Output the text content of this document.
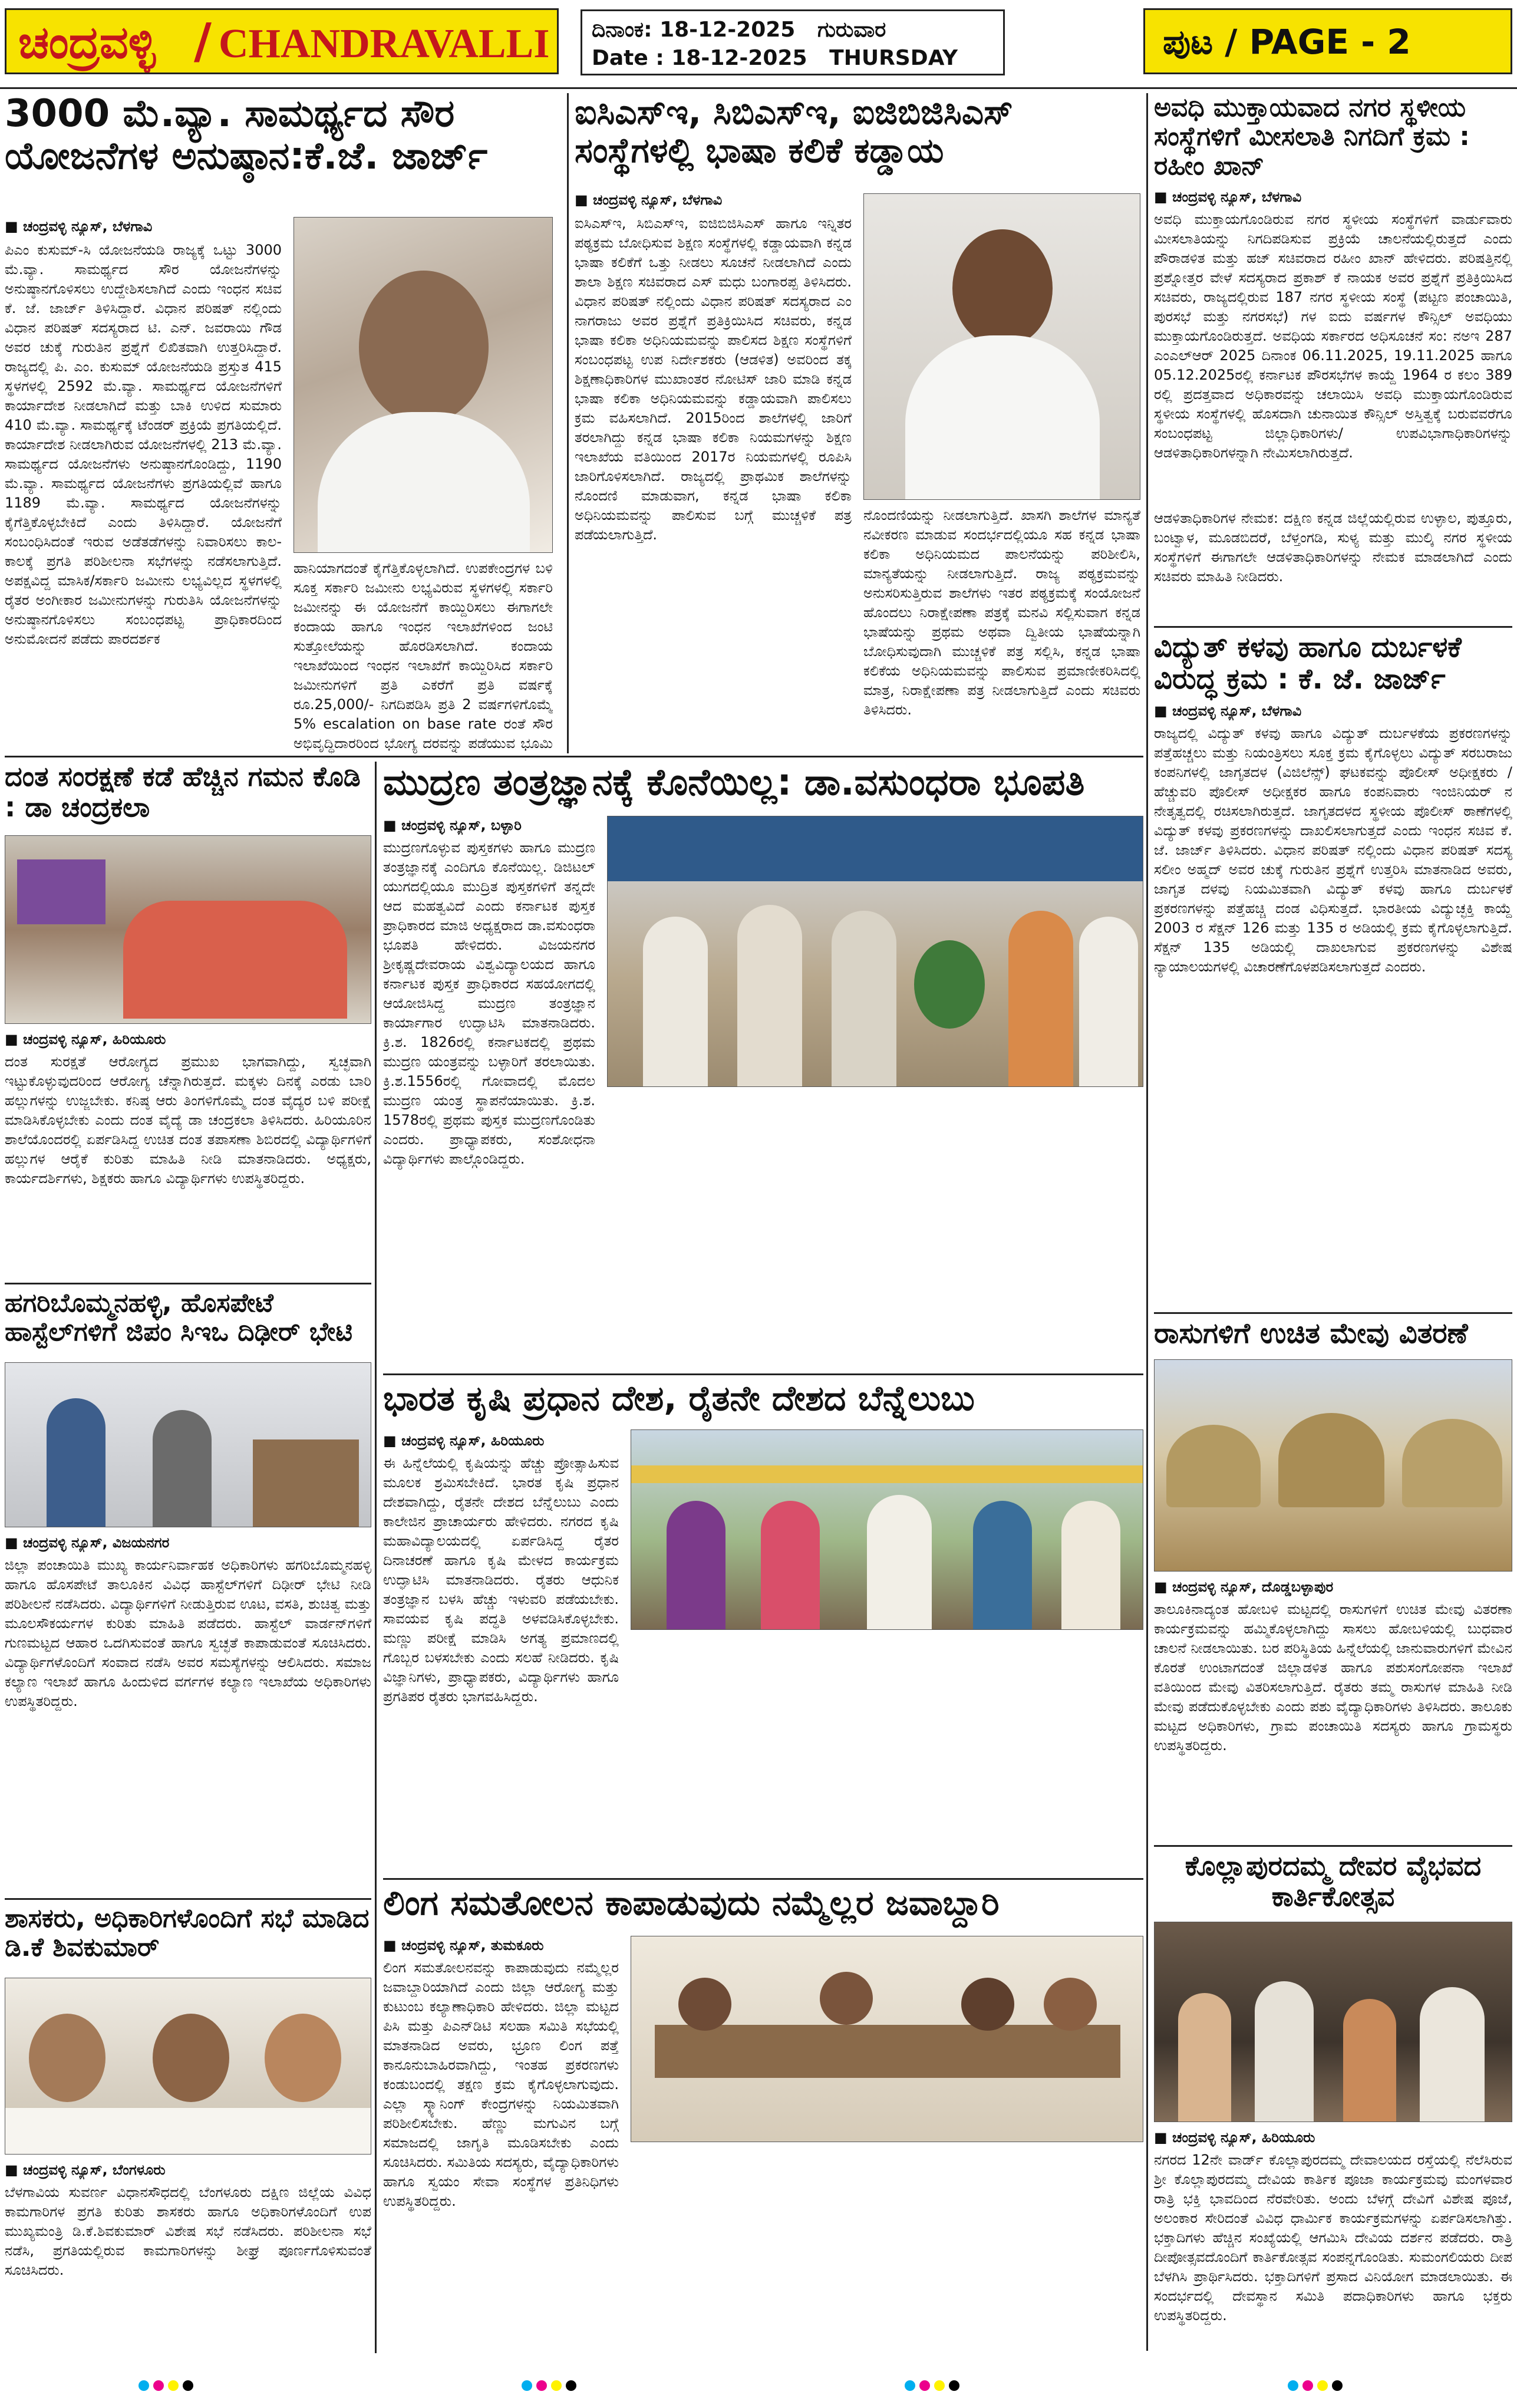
ಚಂದ್ರವಳ್ಳಿ / CHANDRAVALLI ದಿನಾಂಕ: 18-12-2025 ಗುರುವಾರ
Date : 18-12-2025 THURSDAY	ಪುಟ / PAGE - 2
3000 ಮೆ.ವ್ಯಾ. ಸಾಮರ್ಥ್ಯದ ಸೌರ ಯೋಜನೆಗಳ ಅನುಷ್ಠಾನ:ಕೆ.ಜೆ. ಜಾರ್ಜ್
■ ಚಂದ್ರವಳ್ಳಿ ನ್ಯೂಸ್, ಬೆಳಗಾವಿ
ಪಿಎಂ ಕುಸುಮ್-ಸಿ ಯೋಜನೆಯಡಿ ರಾಜ್ಯಕ್ಕೆ ಒಟ್ಟು 3000 ಮೆ.ವ್ಯಾ. ಸಾಮರ್ಥ್ಯದ ಸೌರ ಯೋಜನೆಗಳನ್ನು ಅನುಷ್ಠಾನಗೊಳಿಸಲು ಉದ್ದೇಶಿಸಲಾಗಿದೆ ಎಂದು ಇಂಧನ ಸಚಿವ ಕೆ. ಜೆ. ಜಾರ್ಜ್ ತಿಳಿಸಿದ್ದಾರೆ. ವಿಧಾನ ಪರಿಷತ್ ನಲ್ಲಿಂದು ವಿಧಾನ ಪರಿಷತ್ ಸದಸ್ಯರಾದ ಟಿ. ಎನ್. ಜವರಾಯಿ ಗೌಡ ಅವರ ಚುಕ್ಕೆ ಗುರುತಿನ ಪ್ರಶ್ನೆಗೆ ಲಿಖಿತವಾಗಿ ಉತ್ತರಿಸಿದ್ದಾರೆ. ರಾಜ್ಯದಲ್ಲಿ ಪಿ. ಎಂ. ಕುಸುಮ್ ಯೋಜನೆಯಡಿ ಪ್ರಸ್ತುತ 415 ಸ್ಥಳಗಳಲ್ಲಿ 2592 ಮೆ.ವ್ಯಾ. ಸಾಮರ್ಥ್ಯದ ಯೋಜನೆಗಳಿಗೆ ಕಾರ್ಯಾದೇಶ ನೀಡಲಾಗಿದೆ ಮತ್ತು ಬಾಕಿ ಉಳಿದ ಸುಮಾರು 410 ಮೆ.ವ್ಯಾ. ಸಾಮರ್ಥ್ಯಕ್ಕೆ ಟೆಂಡರ್ ಪ್ರಕ್ರಿಯೆ ಪ್ರಗತಿಯಲ್ಲಿದೆ. ಕಾರ್ಯಾದೇಶ ನೀಡಲಾಗಿರುವ ಯೋಜನೆಗಳಲ್ಲಿ 213 ಮೆ.ವ್ಯಾ. ಸಾಮರ್ಥ್ಯದ ಯೋಜನೆಗಳು ಅನುಷ್ಠಾನಗೊಂಡಿದ್ದು, 1190 ಮೆ.ವ್ಯಾ. ಸಾಮರ್ಥ್ಯದ ಯೋಜನೆಗಳು ಪ್ರಗತಿಯಲ್ಲಿವೆ ಹಾಗೂ 1189 ಮೆ.ವ್ಯಾ. ಸಾಮರ್ಥ್ಯದ ಯೋಜನೆಗಳನ್ನು ಕೈಗೆತ್ತಿಕೊಳ್ಳಬೇಕಿದೆ ಎಂದು ತಿಳಿಸಿದ್ದಾರೆ. ಯೋಜನೆಗೆ ಸಂಬಂಧಿಸಿದಂತೆ ಇರುವ ಅಡೆತಡೆಗಳನ್ನು ನಿವಾರಿಸಲು ಕಾಲ-ಕಾಲಕ್ಕೆ ಪ್ರಗತಿ ಪರಿಶೀಲನಾ ಸಭೆಗಳನ್ನು ನಡೆಸಲಾಗುತ್ತಿದೆ. ಅಪಕ್ಷವಿದ್ದ ಮಾಸಿಕ/ಸರ್ಕಾರಿ ಜಮೀನು ಲಭ್ಯವಿಲ್ಲದ ಸ್ಥಳಗಳಲ್ಲಿ ರೈತರ ಅಂಗೀಕಾರ ಜಮೀನುಗಳನ್ನು ಗುರುತಿಸಿ ಯೋಜನೆಗಳನ್ನು ಅನುಷ್ಠಾನಗೊಳಿಸಲು ಸಂಬಂಧಪಟ್ಟ ಪ್ರಾಧಿಕಾರದಿಂದ ಅನುಮೋದನೆ ಪಡೆದು ಪಾರದರ್ಶಕ
ಹಾನಿಯಾಗದಂತೆ ಕೈಗೆತ್ತಿಕೊಳ್ಳಲಾಗಿದೆ. ಉಪಕೇಂದ್ರಗಳ ಬಳಿ ಸೂಕ್ತ ಸರ್ಕಾರಿ ಜಮೀನು ಲಭ್ಯವಿರುವ ಸ್ಥಳಗಳಲ್ಲಿ ಸರ್ಕಾರಿ ಜಮೀನನ್ನು ಈ ಯೋಜನೆಗೆ ಕಾಯ್ದಿರಿಸಲು ಈಗಾಗಲೇ ಕಂದಾಯ ಹಾಗೂ ಇಂಧನ ಇಲಾಖೆಗಳಿಂದ ಜಂಟಿ ಸುತ್ತೋಲೆಯನ್ನು ಹೊರಡಿಸಲಾಗಿದೆ. ಕಂದಾಯ ಇಲಾಖೆಯಿಂದ ಇಂಧನ ಇಲಾಖೆಗೆ ಕಾಯ್ದಿರಿಸಿದ ಸರ್ಕಾರಿ ಜಮೀನುಗಳಿಗೆ ಪ್ರತಿ ಎಕರೆಗೆ ಪ್ರತಿ ವರ್ಷಕ್ಕೆ ರೂ.25,000/- ನಿಗದಿಪಡಿಸಿ ಪ್ರತಿ 2 ವರ್ಷಗಳಿಗೊಮ್ಮೆ 5% escalation on base rate ರಂತೆ ಸೌರ ಅಭಿವೃದ್ಧಿದಾರರಿಂದ ಭೋಗ್ಯ ದರವನ್ನು ಪಡೆಯುವ ಭೂಮಿ
ಐಸಿಎಸ್‌ಇ, ಸಿಬಿಎಸ್‌ಇ, ಐಜಿಬಿಜಿಸಿಎಸ್ ಸಂಸ್ಥೆಗಳಲ್ಲಿ ಭಾಷಾ ಕಲಿಕೆ ಕಡ್ಡಾಯ
■ ಚಂದ್ರವಳ್ಳಿ ನ್ಯೂಸ್, ಬೆಳಗಾವಿ
ಐಸಿಎಸ್‌ಇ, ಸಿಬಿಎಸ್‌ಇ, ಐಜಿಬಿಜಿಸಿಎಸ್ ಹಾಗೂ ಇನ್ನಿತರ ಪಠ್ಯಕ್ರಮ ಬೋಧಿಸುವ ಶಿಕ್ಷಣ ಸಂಸ್ಥೆಗಳಲ್ಲಿ ಕಡ್ಡಾಯವಾಗಿ ಕನ್ನಡ ಭಾಷಾ ಕಲಿಕೆಗೆ ಒತ್ತು ನೀಡಲು ಸೂಚನೆ ನೀಡಲಾಗಿದೆ ಎಂದು ಶಾಲಾ ಶಿಕ್ಷಣ ಸಚಿವರಾದ ಎಸ್ ಮಧು ಬಂಗಾರಪ್ಪ ತಿಳಿಸಿದರು. ವಿಧಾನ ಪರಿಷತ್ ನಲ್ಲಿಂದು ವಿಧಾನ ಪರಿಷತ್ ಸದಸ್ಯರಾದ ಎಂ ನಾಗರಾಜು ಅವರ ಪ್ರಶ್ನೆಗೆ ಪ್ರತಿಕ್ರಿಯಿಸಿದ ಸಚಿವರು, ಕನ್ನಡ ಭಾಷಾ ಕಲಿಕಾ ಅಧಿನಿಯಮವನ್ನು ಪಾಲಿಸದ ಶಿಕ್ಷಣ ಸಂಸ್ಥೆಗಳಿಗೆ ಸಂಬಂಧಪಟ್ಟ ಉಪ ನಿರ್ದೇಶಕರು (ಆಡಳಿತ) ಅವರಿಂದ ತಕ್ಕ ಶಿಕ್ಷಣಾಧಿಕಾರಿಗಳ ಮುಖಾಂತರ ನೋಟಿಸ್ ಜಾರಿ ಮಾಡಿ ಕನ್ನಡ ಭಾಷಾ ಕಲಿಕಾ ಅಧಿನಿಯಮವನ್ನು ಕಡ್ಡಾಯವಾಗಿ ಪಾಲಿಸಲು ಕ್ರಮ ವಹಿಸಲಾಗಿದೆ. 2015ರಿಂದ ಶಾಲೆಗಳಲ್ಲಿ ಜಾರಿಗೆ ತರಲಾಗಿದ್ದು ಕನ್ನಡ ಭಾಷಾ ಕಲಿಕಾ ನಿಯಮಗಳನ್ನು ಶಿಕ್ಷಣ ಇಲಾಖೆಯ ವತಿಯಿಂದ 2017ರ ನಿಯಮಗಳಲ್ಲಿ ರೂಪಿಸಿ ಜಾರಿಗೊಳಿಸಲಾಗಿದೆ. ರಾಜ್ಯದಲ್ಲಿ ಪ್ರಾಥಮಿಕ ಶಾಲೆಗಳನ್ನು ನೊಂದಣಿ ಮಾಡುವಾಗ, ಕನ್ನಡ ಭಾಷಾ ಕಲಿಕಾ ಅಧಿನಿಯಮವನ್ನು ಪಾಲಿಸುವ ಬಗ್ಗೆ ಮುಚ್ಚಳಿಕೆ ಪತ್ರ ಪಡೆಯಲಾಗುತ್ತಿದೆ.
ನೊಂದಣಿಯನ್ನು ನೀಡಲಾಗುತ್ತಿದೆ. ಖಾಸಗಿ ಶಾಲೆಗಳ ಮಾನ್ಯತೆ ನವೀಕರಣ ಮಾಡುವ ಸಂದರ್ಭದಲ್ಲಿಯೂ ಸಹ ಕನ್ನಡ ಭಾಷಾ ಕಲಿಕಾ ಅಧಿನಿಯಮದ ಪಾಲನೆಯನ್ನು ಪರಿಶೀಲಿಸಿ, ಮಾನ್ಯತೆಯನ್ನು ನೀಡಲಾಗುತ್ತಿದೆ. ರಾಜ್ಯ ಪಠ್ಯಕ್ರಮವನ್ನು ಅನುಸರಿಸುತ್ತಿರುವ ಶಾಲೆಗಳು ಇತರ ಪಠ್ಯಕ್ರಮಕ್ಕೆ ಸಂಯೋಜನೆ ಹೊಂದಲು ನಿರಾಕ್ಷೇಪಣಾ ಪತ್ರಕ್ಕೆ ಮನವಿ ಸಲ್ಲಿಸುವಾಗ ಕನ್ನಡ ಭಾಷೆಯನ್ನು ಪ್ರಥಮ ಅಥವಾ ದ್ವಿತೀಯ ಭಾಷೆಯನ್ನಾಗಿ ಬೋಧಿಸುವುದಾಗಿ ಮುಚ್ಚಳಿಕೆ ಪತ್ರ ಸಲ್ಲಿಸಿ, ಕನ್ನಡ ಭಾಷಾ ಕಲಿಕೆಯ ಅಧಿನಿಯಮವನ್ನು ಪಾಲಿಸುವ ಪ್ರಮಾಣೀಕರಿಸಿದಲ್ಲಿ ಮಾತ್ರ, ನಿರಾಕ್ಷೇಪಣಾ ಪತ್ರ ನೀಡಲಾಗುತ್ತಿದೆ ಎಂದು ಸಚಿವರು ತಿಳಿಸಿದರು.
ಅವಧಿ ಮುಕ್ತಾಯವಾದ ನಗರ ಸ್ಥಳೀಯ ಸಂಸ್ಥೆಗಳಿಗೆ ಮೀಸಲಾತಿ ನಿಗದಿಗೆ ಕ್ರಮ : ರಹೀಂ ಖಾನ್
■ ಚಂದ್ರವಳ್ಳಿ ನ್ಯೂಸ್, ಬೆಳಗಾವಿ
ಅವಧಿ ಮುಕ್ತಾಯಗೊಂಡಿರುವ ನಗರ ಸ್ಥಳೀಯ ಸಂಸ್ಥೆಗಳಿಗೆ ವಾರ್ಡುವಾರು ಮೀಸಲಾತಿಯನ್ನು ನಿಗದಿಪಡಿಸುವ ಪ್ರಕ್ರಿಯೆ ಚಾಲನೆಯಲ್ಲಿರುತ್ತದೆ ಎಂದು ಪೌರಾಡಳಿತ ಮತ್ತು ಹಜ್ ಸಚಿವರಾದ ರಹೀಂ ಖಾನ್ ಹೇಳಿದರು. ಪರಿಷತ್ತಿನಲ್ಲಿ ಪ್ರಶ್ನೋತ್ತರ ವೇಳೆ ಸದಸ್ಯರಾದ ಪ್ರಕಾಶ್ ಕೆ ನಾಯಕ ಅವರ ಪ್ರಶ್ನೆಗೆ ಪ್ರತಿಕ್ರಿಯಿಸಿದ ಸಚಿವರು, ರಾಜ್ಯದಲ್ಲಿರುವ 187 ನಗರ ಸ್ಥಳೀಯ ಸಂಸ್ಥೆ (ಪಟ್ಟಣ ಪಂಚಾಯಿತಿ, ಪುರಸಭೆ ಮತ್ತು ನಗರಸಭೆ) ಗಳ ಐದು ವರ್ಷಗಳ ಕೌನ್ಸಿಲ್ ಅವಧಿಯು ಮುಕ್ತಾಯಗೊಂಡಿರುತ್ತದೆ. ಅವಧಿಯ ಸರ್ಕಾರದ ಅಧಿಸೂಚನೆ ಸಂ: ನಅಇ 287 ಎಂಎಲ್‌ಆರ್ 2025 ದಿನಾಂಕ 06.11.2025, 19.11.2025 ಹಾಗೂ 05.12.2025ರಲ್ಲಿ ಕರ್ನಾಟಕ ಪೌರಸಭೆಗಳ ಕಾಯ್ದೆ 1964 ರ ಕಲಂ 389 ರಲ್ಲಿ ಪ್ರದತ್ತವಾದ ಅಧಿಕಾರವನ್ನು ಚಲಾಯಿಸಿ ಅವಧಿ ಮುಕ್ತಾಯಗೊಂಡಿರುವ ಸ್ಥಳೀಯ ಸಂಸ್ಥೆಗಳಲ್ಲಿ ಹೊಸದಾಗಿ ಚುನಾಯಿತ ಕೌನ್ಸಿಲ್ ಅಸ್ತಿತ್ವಕ್ಕೆ ಬರುವವರೆಗೂ ಸಂಬಂಧಪಟ್ಟ ಜಿಲ್ಲಾಧಿಕಾರಿಗಳು/ ಉಪವಿಭಾಗಾಧಿಕಾರಿಗಳನ್ನು ಆಡಳಿತಾಧಿಕಾರಿಗಳನ್ನಾಗಿ ನೇಮಿಸಲಾಗಿರುತ್ತದೆ.
ಆಡಳಿತಾಧಿಕಾರಿಗಳ ನೇಮಕ: ದಕ್ಷಿಣ ಕನ್ನಡ ಜಿಲ್ಲೆಯಲ್ಲಿರುವ ಉಳ್ಳಾಲ, ಪುತ್ತೂರು, ಬಂಟ್ವಾಳ, ಮೂಡಬಿದರೆ, ಬೆಳ್ತಂಗಡಿ, ಸುಳ್ಯ ಮತ್ತು ಮುಲ್ಕಿ ನಗರ ಸ್ಥಳೀಯ ಸಂಸ್ಥೆಗಳಿಗೆ ಈಗಾಗಲೇ ಆಡಳಿತಾಧಿಕಾರಿಗಳನ್ನು ನೇಮಕ ಮಾಡಲಾಗಿದೆ ಎಂದು ಸಚಿವರು ಮಾಹಿತಿ ನೀಡಿದರು.
ವಿದ್ಯುತ್ ಕಳವು ಹಾಗೂ ದುರ್ಬಳಕೆ ವಿರುದ್ಧ ಕ್ರಮ : ಕೆ. ಜೆ. ಜಾರ್ಜ್
■ ಚಂದ್ರವಳ್ಳಿ ನ್ಯೂಸ್, ಬೆಳಗಾವಿ
ರಾಜ್ಯದಲ್ಲಿ ವಿದ್ಯುತ್ ಕಳವು ಹಾಗೂ ವಿದ್ಯುತ್ ದುರ್ಬಳಕೆಯ ಪ್ರಕರಣಗಳನ್ನು ಪತ್ತೆಹಚ್ಚಲು ಮತ್ತು ನಿಯಂತ್ರಿಸಲು ಸೂಕ್ತ ಕ್ರಮ ಕೈಗೊಳ್ಳಲು ವಿದ್ಯುತ್ ಸರಬರಾಜು ಕಂಪನಿಗಳಲ್ಲಿ ಜಾಗೃತದಳ (ವಿಜಿಲೆನ್ಸ್) ಘಟಕವನ್ನು ಪೊಲೀಸ್ ಅಧೀಕ್ಷಕರು / ಹೆಚ್ಚುವರಿ ಪೊಲೀಸ್ ಅಧೀಕ್ಷಕರ ಹಾಗೂ ಕಂಪನಿವಾರು ಇಂಜಿನಿಯರ್ ನ ನೇತೃತ್ವದಲ್ಲಿ ರಚಿಸಲಾಗಿರುತ್ತದೆ. ಜಾಗೃತದಳದ ಸ್ಥಳೀಯ ಪೊಲೀಸ್ ಠಾಣೆಗಳಲ್ಲಿ ವಿದ್ಯುತ್ ಕಳವು ಪ್ರಕರಣಗಳನ್ನು ದಾಖಲಿಸಲಾಗುತ್ತದೆ ಎಂದು ಇಂಧನ ಸಚಿವ ಕೆ. ಜೆ. ಜಾರ್ಜ್ ತಿಳಿಸಿದರು. ವಿಧಾನ ಪರಿಷತ್ ನಲ್ಲಿಂದು ವಿಧಾನ ಪರಿಷತ್ ಸದಸ್ಯ ಸಲೀಂ ಅಹ್ಮದ್ ಅವರ ಚುಕ್ಕೆ ಗುರುತಿನ ಪ್ರಶ್ನೆಗೆ ಉತ್ತರಿಸಿ ಮಾತನಾಡಿದ ಅವರು, ಜಾಗೃತ ದಳವು ನಿಯಮಿತವಾಗಿ ವಿದ್ಯುತ್ ಕಳವು ಹಾಗೂ ದುರ್ಬಳಕೆ ಪ್ರಕರಣಗಳನ್ನು ಪತ್ತೆಹಚ್ಚಿ ದಂಡ ವಿಧಿಸುತ್ತದೆ. ಭಾರತೀಯ ವಿದ್ಯುಚ್ಛಕ್ತಿ ಕಾಯ್ದೆ 2003 ರ ಸೆಕ್ಷನ್ 126 ಮತ್ತು 135 ರ ಅಡಿಯಲ್ಲಿ ಕ್ರಮ ಕೈಗೊಳ್ಳಲಾಗುತ್ತಿದೆ. ಸೆಕ್ಷನ್ 135 ಅಡಿಯಲ್ಲಿ ದಾಖಲಾಗುವ ಪ್ರಕರಣಗಳನ್ನು ವಿಶೇಷ ನ್ಯಾಯಾಲಯಗಳಲ್ಲಿ ವಿಚಾರಣೆಗೊಳಪಡಿಸಲಾಗುತ್ತದೆ ಎಂದರು.
ರಾಸುಗಳಿಗೆ ಉಚಿತ ಮೇವು ವಿತರಣೆ
■ ಚಂದ್ರವಳ್ಳಿ ನ್ಯೂಸ್, ದೊಡ್ಡಬಳ್ಳಾಪುರ
ತಾಲೂಕಿನಾದ್ಯಂತ ಹೋಬಳಿ ಮಟ್ಟದಲ್ಲಿ ರಾಸುಗಳಿಗೆ ಉಚಿತ ಮೇವು ವಿತರಣಾ ಕಾರ್ಯಕ್ರಮವನ್ನು ಹಮ್ಮಿಕೊಳ್ಳಲಾಗಿದ್ದು ಸಾಸಲು ಹೋಬಳಿಯಲ್ಲಿ ಬುಧವಾರ ಚಾಲನೆ ನೀಡಲಾಯಿತು. ಬರ ಪರಿಸ್ಥಿತಿಯ ಹಿನ್ನೆಲೆಯಲ್ಲಿ ಜಾನುವಾರುಗಳಿಗೆ ಮೇವಿನ ಕೊರತೆ ಉಂಟಾಗದಂತೆ ಜಿಲ್ಲಾಡಳಿತ ಹಾಗೂ ಪಶುಸಂಗೋಪನಾ ಇಲಾಖೆ ವತಿಯಿಂದ ಮೇವು ವಿತರಿಸಲಾಗುತ್ತಿದೆ. ರೈತರು ತಮ್ಮ ರಾಸುಗಳ ಮಾಹಿತಿ ನೀಡಿ ಮೇವು ಪಡೆದುಕೊಳ್ಳಬೇಕು ಎಂದು ಪಶು ವೈದ್ಯಾಧಿಕಾರಿಗಳು ತಿಳಿಸಿದರು. ತಾಲೂಕು ಮಟ್ಟದ ಅಧಿಕಾರಿಗಳು, ಗ್ರಾಮ ಪಂಚಾಯಿತಿ ಸದಸ್ಯರು ಹಾಗೂ ಗ್ರಾಮಸ್ಥರು ಉಪಸ್ಥಿತರಿದ್ದರು.
ಕೊಲ್ಲಾಪುರದಮ್ಮ ದೇವರ ವೈಭವದ ಕಾರ್ತಿಕೋತ್ಸವ
■ ಚಂದ್ರವಳ್ಳಿ ನ್ಯೂಸ್, ಹಿರಿಯೂರು
ನಗರದ 12ನೇ ವಾರ್ಡ್ ಕೊಲ್ಲಾಪುರದಮ್ಮ ದೇವಾಲಯದ ರಸ್ತೆಯಲ್ಲಿ ನೆಲೆಸಿರುವ ಶ್ರೀ ಕೊಲ್ಲಾಪುರದಮ್ಮ ದೇವಿಯ ಕಾರ್ತಿಕ ಪೂಜಾ ಕಾರ್ಯಕ್ರಮವು ಮಂಗಳವಾರ ರಾತ್ರಿ ಭಕ್ತಿ ಭಾವದಿಂದ ನೆರವೇರಿತು. ಅಂದು ಬೆಳಗ್ಗೆ ದೇವಿಗೆ ವಿಶೇಷ ಪೂಜೆ, ಅಲಂಕಾರ ಸೇರಿದಂತೆ ವಿವಿಧ ಧಾರ್ಮಿಕ ಕಾರ್ಯಕ್ರಮಗಳನ್ನು ಏರ್ಪಡಿಸಲಾಗಿತ್ತು. ಭಕ್ತಾದಿಗಳು ಹೆಚ್ಚಿನ ಸಂಖ್ಯೆಯಲ್ಲಿ ಆಗಮಿಸಿ ದೇವಿಯ ದರ್ಶನ ಪಡೆದರು. ರಾತ್ರಿ ದೀಪೋತ್ಸವದೊಂದಿಗೆ ಕಾರ್ತಿಕೋತ್ಸವ ಸಂಪನ್ನಗೊಂಡಿತು. ಸುಮಂಗಲಿಯರು ದೀಪ ಬೆಳಗಿಸಿ ಪ್ರಾರ್ಥಿಸಿದರು. ಭಕ್ತಾದಿಗಳಿಗೆ ಪ್ರಸಾದ ವಿನಿಯೋಗ ಮಾಡಲಾಯಿತು. ಈ ಸಂದರ್ಭದಲ್ಲಿ ದೇವಸ್ಥಾನ ಸಮಿತಿ ಪದಾಧಿಕಾರಿಗಳು ಹಾಗೂ ಭಕ್ತರು ಉಪಸ್ಥಿತರಿದ್ದರು.
ದಂತ ಸಂರಕ್ಷಣೆ ಕಡೆ ಹೆಚ್ಚಿನ ಗಮನ ಕೊಡಿ : ಡಾ ಚಂದ್ರಕಲಾ
■ ಚಂದ್ರವಳ್ಳಿ ನ್ಯೂಸ್, ಹಿರಿಯೂರು
ದಂತ ಸುರಕ್ಷತೆ ಆರೋಗ್ಯದ ಪ್ರಮುಖ ಭಾಗವಾಗಿದ್ದು, ಸ್ವಚ್ಛವಾಗಿ ಇಟ್ಟುಕೊಳ್ಳುವುದರಿಂದ ಆರೋಗ್ಯ ಚೆನ್ನಾಗಿರುತ್ತದೆ. ಮಕ್ಕಳು ದಿನಕ್ಕೆ ಎರಡು ಬಾರಿ ಹಲ್ಲುಗಳನ್ನು ಉಜ್ಜಬೇಕು. ಕನಿಷ್ಠ ಆರು ತಿಂಗಳಿಗೊಮ್ಮೆ ದಂತ ವೈದ್ಯರ ಬಳಿ ಪರೀಕ್ಷೆ ಮಾಡಿಸಿಕೊಳ್ಳಬೇಕು ಎಂದು ದಂತ ವೈದ್ಯೆ ಡಾ ಚಂದ್ರಕಲಾ ತಿಳಿಸಿದರು. ಹಿರಿಯೂರಿನ ಶಾಲೆಯೊಂದರಲ್ಲಿ ಏರ್ಪಡಿಸಿದ್ದ ಉಚಿತ ದಂತ ತಪಾಸಣಾ ಶಿಬಿರದಲ್ಲಿ ವಿದ್ಯಾರ್ಥಿಗಳಿಗೆ ಹಲ್ಲುಗಳ ಆರೈಕೆ ಕುರಿತು ಮಾಹಿತಿ ನೀಡಿ ಮಾತನಾಡಿದರು. ಅಧ್ಯಕ್ಷರು, ಕಾರ್ಯದರ್ಶಿಗಳು, ಶಿಕ್ಷಕರು ಹಾಗೂ ವಿದ್ಯಾರ್ಥಿಗಳು ಉಪಸ್ಥಿತರಿದ್ದರು.
ಹಗರಿಬೊಮ್ಮನಹಳ್ಳಿ, ಹೊಸಪೇಟೆ ಹಾಸ್ಟೆಲ್‌ಗಳಿಗೆ ಜಿಪಂ ಸಿಇಒ ದಿಢೀರ್ ಭೇಟಿ
■ ಚಂದ್ರವಳ್ಳಿ ನ್ಯೂಸ್, ವಿಜಯನಗರ
ಜಿಲ್ಲಾ ಪಂಚಾಯಿತಿ ಮುಖ್ಯ ಕಾರ್ಯನಿರ್ವಾಹಕ ಅಧಿಕಾರಿಗಳು ಹಗರಿಬೊಮ್ಮನಹಳ್ಳಿ ಹಾಗೂ ಹೊಸಪೇಟೆ ತಾಲೂಕಿನ ವಿವಿಧ ಹಾಸ್ಟೆಲ್‌ಗಳಿಗೆ ದಿಢೀರ್ ಭೇಟಿ ನೀಡಿ ಪರಿಶೀಲನೆ ನಡೆಸಿದರು. ವಿದ್ಯಾರ್ಥಿಗಳಿಗೆ ನೀಡುತ್ತಿರುವ ಊಟ, ವಸತಿ, ಶುಚಿತ್ವ ಮತ್ತು ಮೂಲಸೌಕರ್ಯಗಳ ಕುರಿತು ಮಾಹಿತಿ ಪಡೆದರು. ಹಾಸ್ಟೆಲ್ ವಾರ್ಡನ್‌ಗಳಿಗೆ ಗುಣಮಟ್ಟದ ಆಹಾರ ಒದಗಿಸುವಂತೆ ಹಾಗೂ ಸ್ವಚ್ಛತೆ ಕಾಪಾಡುವಂತೆ ಸೂಚಿಸಿದರು. ವಿದ್ಯಾರ್ಥಿಗಳೊಂದಿಗೆ ಸಂವಾದ ನಡೆಸಿ ಅವರ ಸಮಸ್ಯೆಗಳನ್ನು ಆಲಿಸಿದರು. ಸಮಾಜ ಕಲ್ಯಾಣ ಇಲಾಖೆ ಹಾಗೂ ಹಿಂದುಳಿದ ವರ್ಗಗಳ ಕಲ್ಯಾಣ ಇಲಾಖೆಯ ಅಧಿಕಾರಿಗಳು ಉಪಸ್ಥಿತರಿದ್ದರು.
ಶಾಸಕರು, ಅಧಿಕಾರಿಗಳೊಂದಿಗೆ ಸಭೆ ಮಾಡಿದ ಡಿ.ಕೆ ಶಿವಕುಮಾರ್
■ ಚಂದ್ರವಳ್ಳಿ ನ್ಯೂಸ್, ಬೆಂಗಳೂರು
ಬೆಳಗಾವಿಯ ಸುವರ್ಣ ವಿಧಾನಸೌಧದಲ್ಲಿ ಬೆಂಗಳೂರು ದಕ್ಷಿಣ ಜಿಲ್ಲೆಯ ವಿವಿಧ ಕಾಮಗಾರಿಗಳ ಪ್ರಗತಿ ಕುರಿತು ಶಾಸಕರು ಹಾಗೂ ಅಧಿಕಾರಿಗಳೊಂದಿಗೆ ಉಪ ಮುಖ್ಯಮಂತ್ರಿ ಡಿ.ಕೆ.ಶಿವಕುಮಾರ್ ವಿಶೇಷ ಸಭೆ ನಡೆಸಿದರು. ಪರಿಶೀಲನಾ ಸಭೆ ನಡೆಸಿ, ಪ್ರಗತಿಯಲ್ಲಿರುವ ಕಾಮಗಾರಿಗಳನ್ನು ಶೀಘ್ರ ಪೂರ್ಣಗೊಳಿಸುವಂತೆ ಸೂಚಿಸಿದರು.
ಮುದ್ರಣ ತಂತ್ರಜ್ಞಾನಕ್ಕೆ ಕೊನೆಯಿಲ್ಲ: ಡಾ.ವಸುಂಧರಾ ಭೂಪತಿ
■ ಚಂದ್ರವಳ್ಳಿ ನ್ಯೂಸ್, ಬಳ್ಳಾರಿ
ಮುದ್ರಣಗೊಳ್ಳುವ ಪುಸ್ತಕಗಳು ಹಾಗೂ ಮುದ್ರಣ ತಂತ್ರಜ್ಞಾನಕ್ಕೆ ಎಂದಿಗೂ ಕೊನೆಯಿಲ್ಲ. ಡಿಜಿಟಲ್ ಯುಗದಲ್ಲಿಯೂ ಮುದ್ರಿತ ಪುಸ್ತಕಗಳಿಗೆ ತನ್ನದೇ ಆದ ಮಹತ್ವವಿದೆ ಎಂದು ಕರ್ನಾಟಕ ಪುಸ್ತಕ ಪ್ರಾಧಿಕಾರದ ಮಾಜಿ ಅಧ್ಯಕ್ಷರಾದ ಡಾ.ವಸುಂಧರಾ ಭೂಪತಿ ಹೇಳಿದರು. ವಿಜಯನಗರ ಶ್ರೀಕೃಷ್ಣದೇವರಾಯ ವಿಶ್ವವಿದ್ಯಾಲಯದ ಹಾಗೂ ಕರ್ನಾಟಕ ಪುಸ್ತಕ ಪ್ರಾಧಿಕಾರದ ಸಹಯೋಗದಲ್ಲಿ ಆಯೋಜಿಸಿದ್ದ ಮುದ್ರಣ ತಂತ್ರಜ್ಞಾನ ಕಾರ್ಯಾಗಾರ ಉದ್ಘಾಟಿಸಿ ಮಾತನಾಡಿದರು. ಕ್ರಿ.ಶ. 1826ರಲ್ಲಿ ಕರ್ನಾಟಕದಲ್ಲಿ ಪ್ರಥಮ ಮುದ್ರಣ ಯಂತ್ರವನ್ನು ಬಳ್ಳಾರಿಗೆ ತರಲಾಯಿತು. ಕ್ರಿ.ಶ.1556ರಲ್ಲಿ ಗೋವಾದಲ್ಲಿ ಮೊದಲ ಮುದ್ರಣ ಯಂತ್ರ ಸ್ಥಾಪನೆಯಾಯಿತು. ಕ್ರಿ.ಶ. 1578ರಲ್ಲಿ ಪ್ರಥಮ ಪುಸ್ತಕ ಮುದ್ರಣಗೊಂಡಿತು ಎಂದರು. ಪ್ರಾಧ್ಯಾಪಕರು, ಸಂಶೋಧನಾ ವಿದ್ಯಾರ್ಥಿಗಳು ಪಾಲ್ಗೊಂಡಿದ್ದರು.
ಭಾರತ ಕೃಷಿ ಪ್ರಧಾನ ದೇಶ, ರೈತನೇ ದೇಶದ ಬೆನ್ನೆಲುಬು
■ ಚಂದ್ರವಳ್ಳಿ ನ್ಯೂಸ್, ಹಿರಿಯೂರು
ಈ ಹಿನ್ನೆಲೆಯಲ್ಲಿ ಕೃಷಿಯನ್ನು ಹೆಚ್ಚು ಪ್ರೋತ್ಸಾಹಿಸುವ ಮೂಲಕ ಶ್ರಮಿಸಬೇಕಿದೆ. ಭಾರತ ಕೃಷಿ ಪ್ರಧಾನ ದೇಶವಾಗಿದ್ದು, ರೈತನೇ ದೇಶದ ಬೆನ್ನೆಲುಬು ಎಂದು ಕಾಲೇಜಿನ ಪ್ರಾಚಾರ್ಯರು ಹೇಳಿದರು. ನಗರದ ಕೃಷಿ ಮಹಾವಿದ್ಯಾಲಯದಲ್ಲಿ ಏರ್ಪಡಿಸಿದ್ದ ರೈತರ ದಿನಾಚರಣೆ ಹಾಗೂ ಕೃಷಿ ಮೇಳದ ಕಾರ್ಯಕ್ರಮ ಉದ್ಘಾಟಿಸಿ ಮಾತನಾಡಿದರು. ರೈತರು ಆಧುನಿಕ ತಂತ್ರಜ್ಞಾನ ಬಳಸಿ ಹೆಚ್ಚು ಇಳುವರಿ ಪಡೆಯಬೇಕು. ಸಾವಯವ ಕೃಷಿ ಪದ್ಧತಿ ಅಳವಡಿಸಿಕೊಳ್ಳಬೇಕು. ಮಣ್ಣು ಪರೀಕ್ಷೆ ಮಾಡಿಸಿ ಅಗತ್ಯ ಪ್ರಮಾಣದಲ್ಲಿ ಗೊಬ್ಬರ ಬಳಸಬೇಕು ಎಂದು ಸಲಹೆ ನೀಡಿದರು. ಕೃಷಿ ವಿಜ್ಞಾನಿಗಳು, ಪ್ರಾಧ್ಯಾಪಕರು, ವಿದ್ಯಾರ್ಥಿಗಳು ಹಾಗೂ ಪ್ರಗತಿಪರ ರೈತರು ಭಾಗವಹಿಸಿದ್ದರು.
ಲಿಂಗ ಸಮತೋಲನ ಕಾಪಾಡುವುದು ನಮ್ಮೆಲ್ಲರ ಜವಾಬ್ದಾರಿ
■ ಚಂದ್ರವಳ್ಳಿ ನ್ಯೂಸ್, ತುಮಕೂರು
ಲಿಂಗ ಸಮತೋಲನವನ್ನು ಕಾಪಾಡುವುದು ನಮ್ಮೆಲ್ಲರ ಜವಾಬ್ದಾರಿಯಾಗಿದೆ ಎಂದು ಜಿಲ್ಲಾ ಆರೋಗ್ಯ ಮತ್ತು ಕುಟುಂಬ ಕಲ್ಯಾಣಾಧಿಕಾರಿ ಹೇಳಿದರು. ಜಿಲ್ಲಾ ಮಟ್ಟದ ಪಿಸಿ ಮತ್ತು ಪಿಎನ್‌ಡಿಟಿ ಸಲಹಾ ಸಮಿತಿ ಸಭೆಯಲ್ಲಿ ಮಾತನಾಡಿದ ಅವರು, ಭ್ರೂಣ ಲಿಂಗ ಪತ್ತೆ ಕಾನೂನುಬಾಹಿರವಾಗಿದ್ದು, ಇಂತಹ ಪ್ರಕರಣಗಳು ಕಂಡುಬಂದಲ್ಲಿ ತಕ್ಷಣ ಕ್ರಮ ಕೈಗೊಳ್ಳಲಾಗುವುದು. ಎಲ್ಲಾ ಸ್ಕ್ಯಾನಿಂಗ್ ಕೇಂದ್ರಗಳನ್ನು ನಿಯಮಿತವಾಗಿ ಪರಿಶೀಲಿಸಬೇಕು. ಹೆಣ್ಣು ಮಗುವಿನ ಬಗ್ಗೆ ಸಮಾಜದಲ್ಲಿ ಜಾಗೃತಿ ಮೂಡಿಸಬೇಕು ಎಂದು ಸೂಚಿಸಿದರು. ಸಮಿತಿಯ ಸದಸ್ಯರು, ವೈದ್ಯಾಧಿಕಾರಿಗಳು ಹಾಗೂ ಸ್ವಯಂ ಸೇವಾ ಸಂಸ್ಥೆಗಳ ಪ್ರತಿನಿಧಿಗಳು ಉಪಸ್ಥಿತರಿದ್ದರು.
